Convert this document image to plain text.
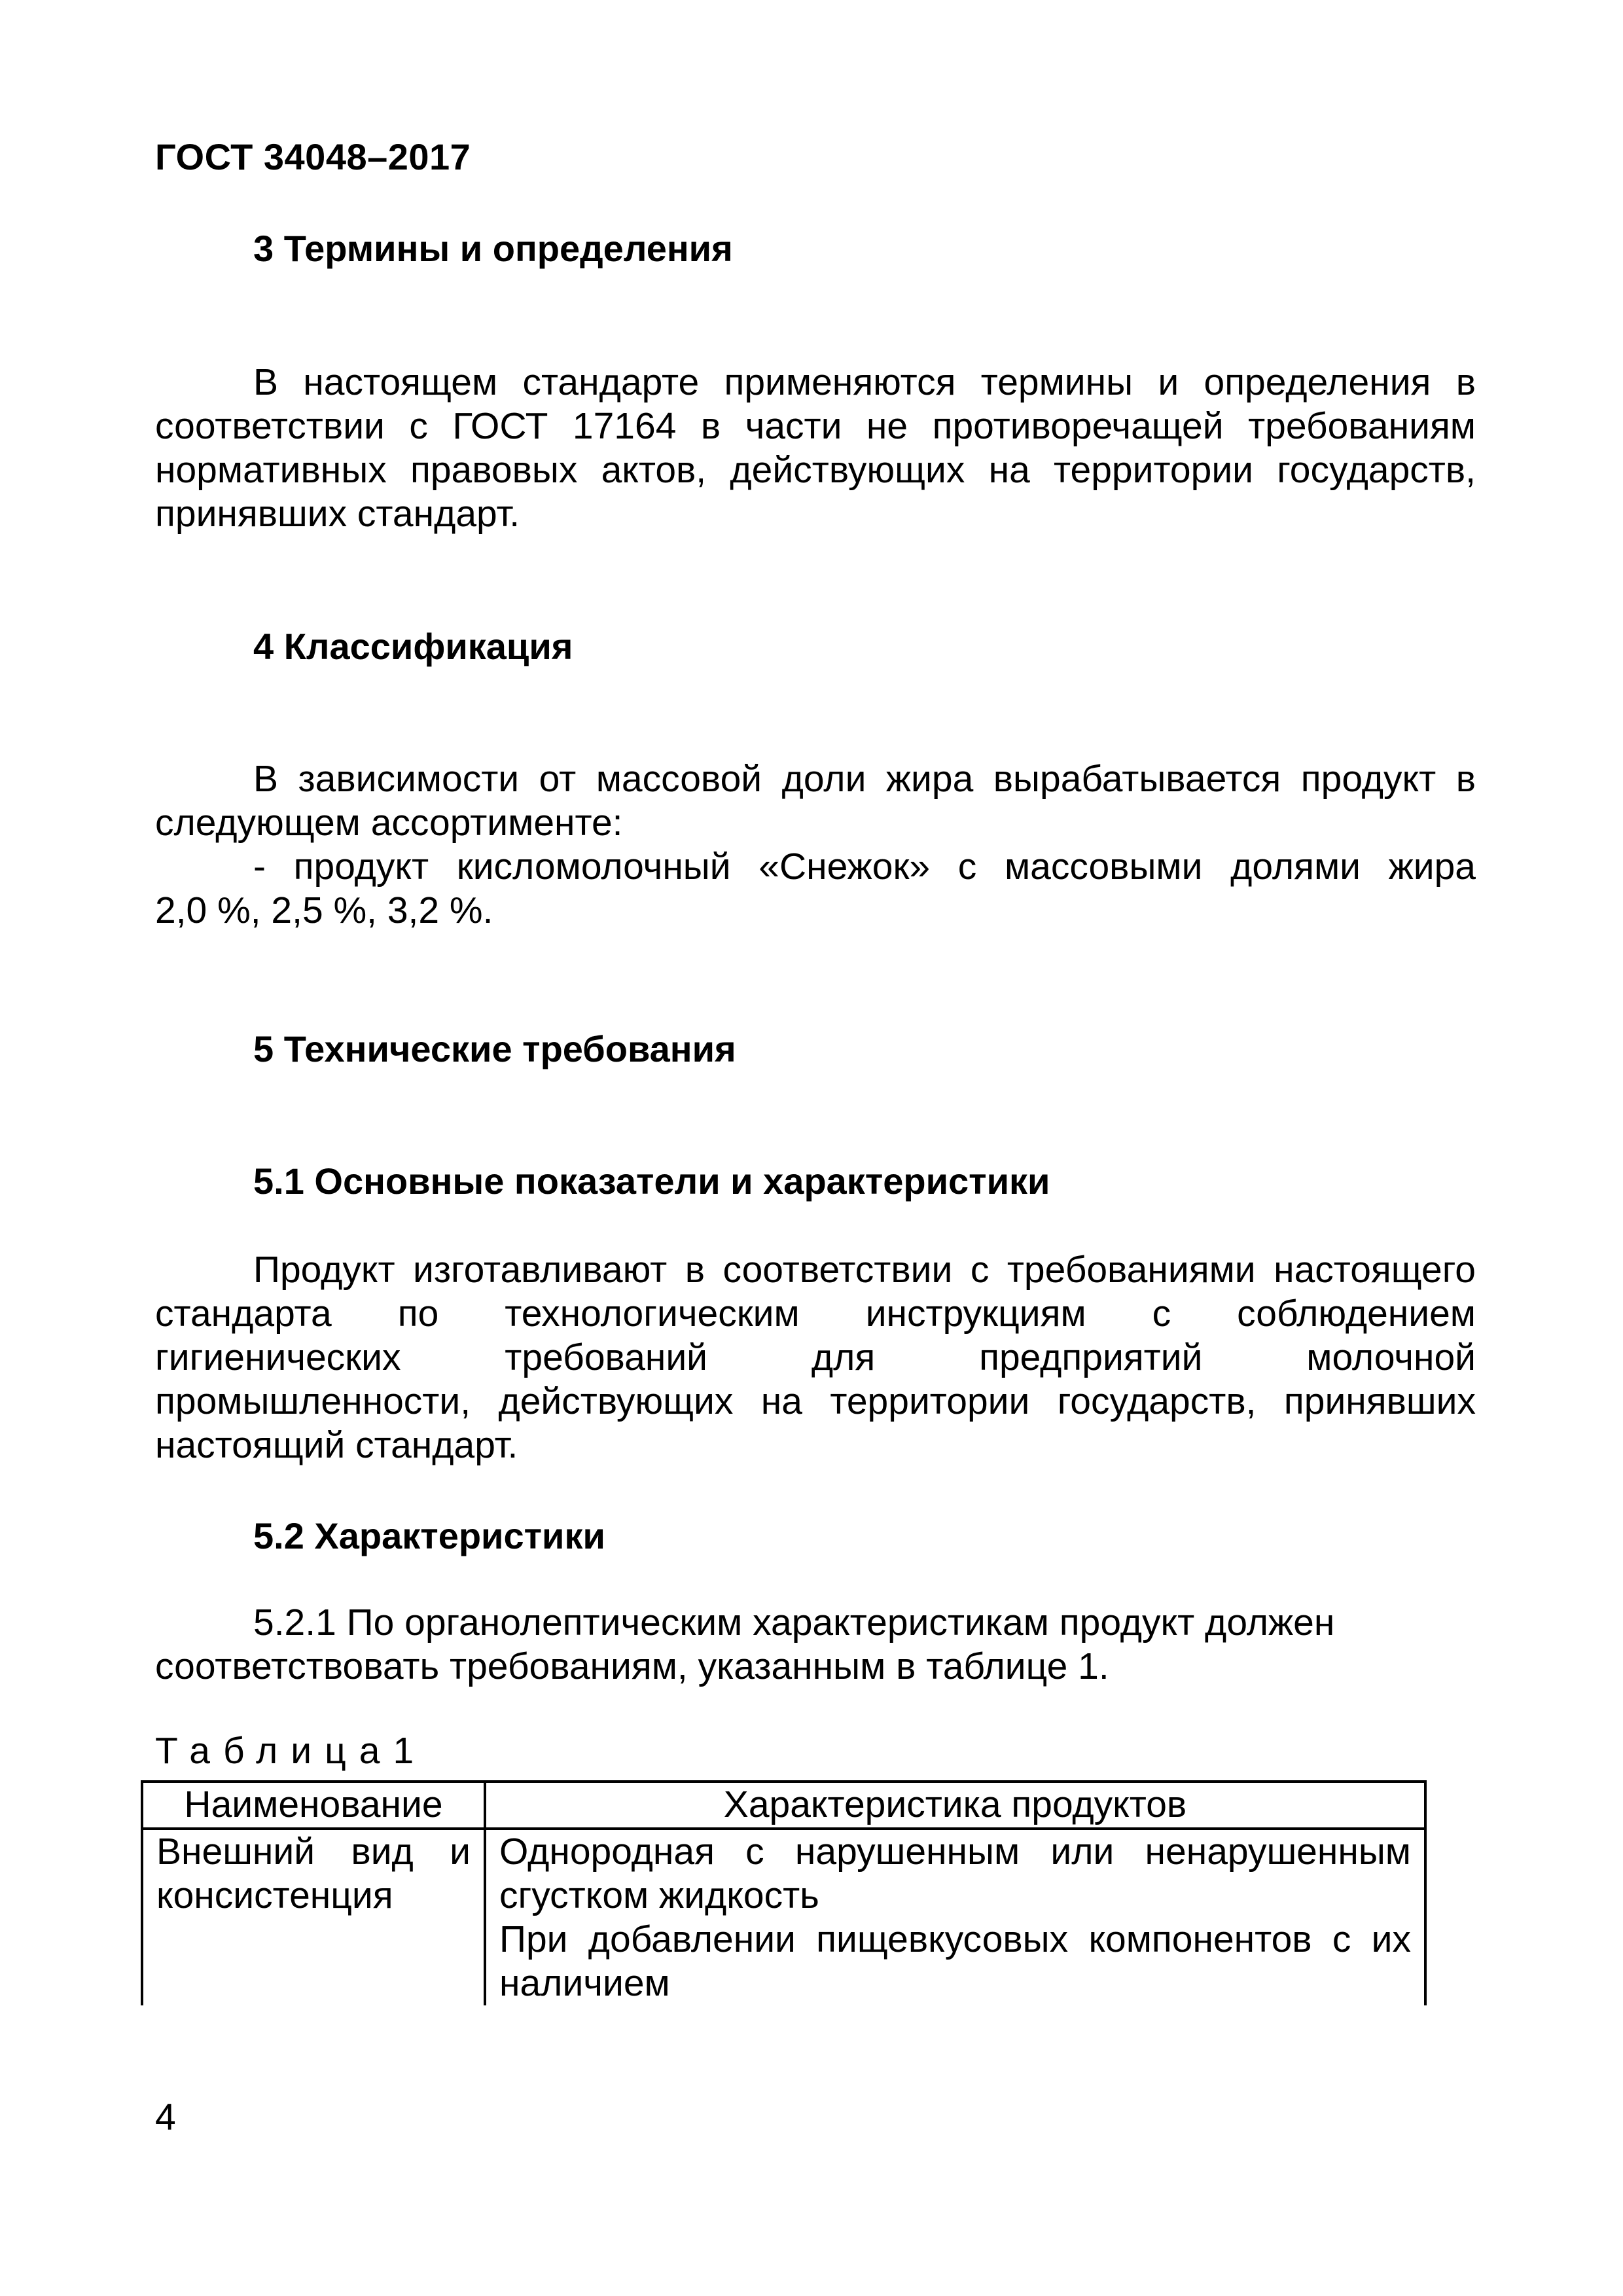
ГОСТ 34048–2017
3 Термины и определения
В настоящем стандарте применяются термины и определения в
соответствии с ГОСТ 17164 в части не противоречащей требованиям
нормативных правовых актов, действующих на территории государств,
принявших стандарт.
4 Классификация
В зависимости от массовой доли жира вырабатывается продукт в
следующем ассортименте:
- продукт кисломолочный «Снежок» с массовыми долями жира
2,0 %, 2,5 %, 3,2 %.
5 Технические требования
5.1 Основные показатели и характеристики
Продукт изготавливают в соответствии с требованиями настоящего
стандарта по технологическим инструкциям с соблюдением
гигиенических требований для предприятий молочной
промышленности, действующих на территории государств, принявших
настоящий стандарт.
5.2 Характеристики
5.2.1 По органолептическим характеристикам продукт должен
соответствовать требованиям, указанным в таблице 1.
Таблица1
Наименование	Характеристика продуктов

Внешний вид и
консистенция	Однородная с нарушенным или ненарушенным
сгустком жидкость
При добавлении пищевкусовых компонентов с их
наличием
4
